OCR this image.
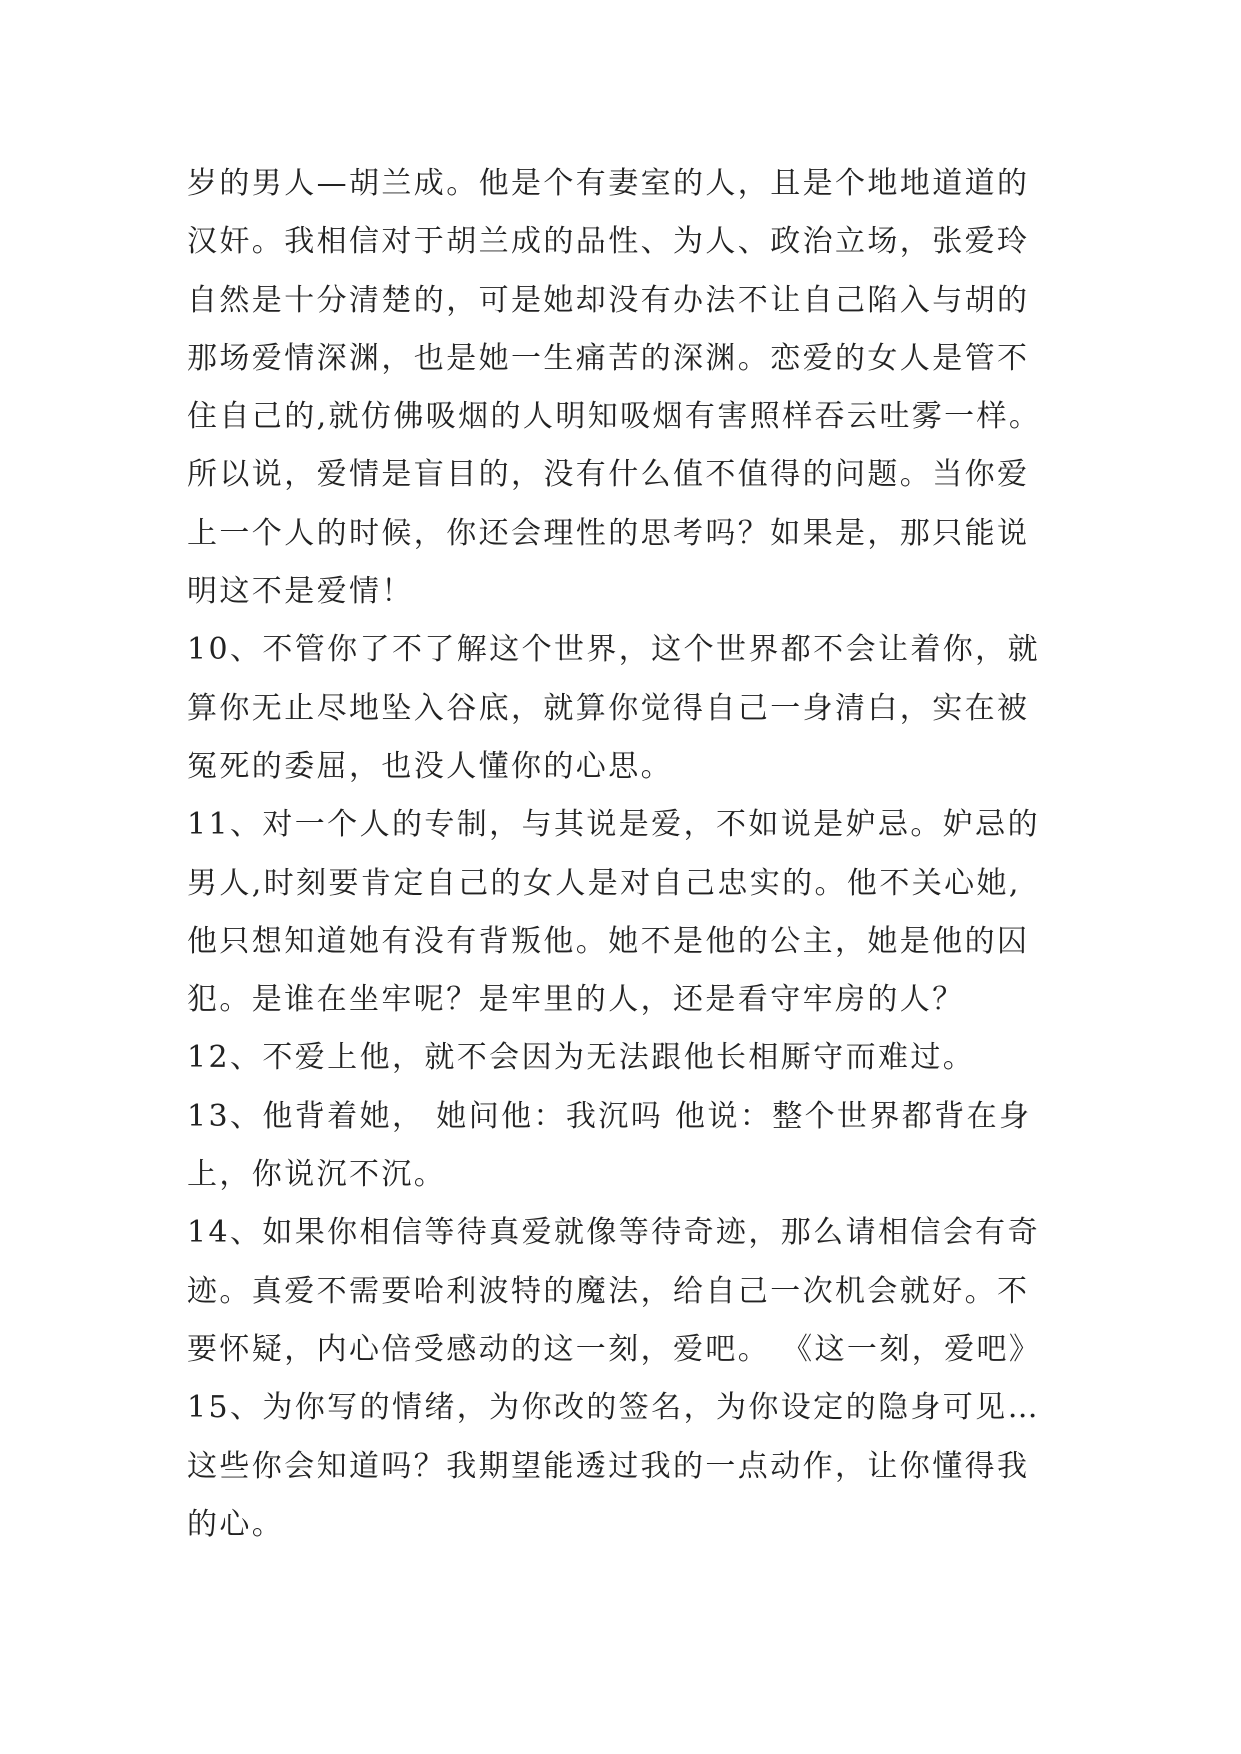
岁的男人—胡兰成。他是个有妻室的人，且是个地地道道的
汉奸。我相信对于胡兰成的品性、为人、政治立场，张爱玲
自然是十分清楚的，可是她却没有办法不让自己陷入与胡的
那场爱情深渊，也是她一生痛苦的深渊。恋爱的女人是管不
住自己的,就仿佛吸烟的人明知吸烟有害照样吞云吐雾一样。
所以说，爱情是盲目的，没有什么值不值得的问题。当你爱
上一个人的时候，你还会理性的思考吗？如果是，那只能说
明这不是爱情！
10、不管你了不了解这个世界，这个世界都不会让着你，就
算你无止尽地坠入谷底，就算你觉得自己一身清白，实在被
冤死的委屈，也没人懂你的心思。
11、对一个人的专制，与其说是爱，不如说是妒忌。妒忌的
男人,时刻要肯定自己的女人是对自己忠实的。他不关心她,
他只想知道她有没有背叛他。她不是他的公主，她是他的囚
犯。是谁在坐牢呢？是牢里的人，还是看守牢房的人？
12、不爱上他，就不会因为无法跟他长相厮守而难过。
13、他背着她， 她问他：我沉吗 他说：整个世界都背在身
上，你说沉不沉。
14、如果你相信等待真爱就像等待奇迹，那么请相信会有奇
迹。真爱不需要哈利波特的魔法，给自己一次机会就好。不
要怀疑，内心倍受感动的这一刻，爱吧。 《这一刻，爱吧》
15、为你写的情绪，为你改的签名，为你设定的隐身可见…
这些你会知道吗？我期望能透过我的一点动作，让你懂得我
的心。
